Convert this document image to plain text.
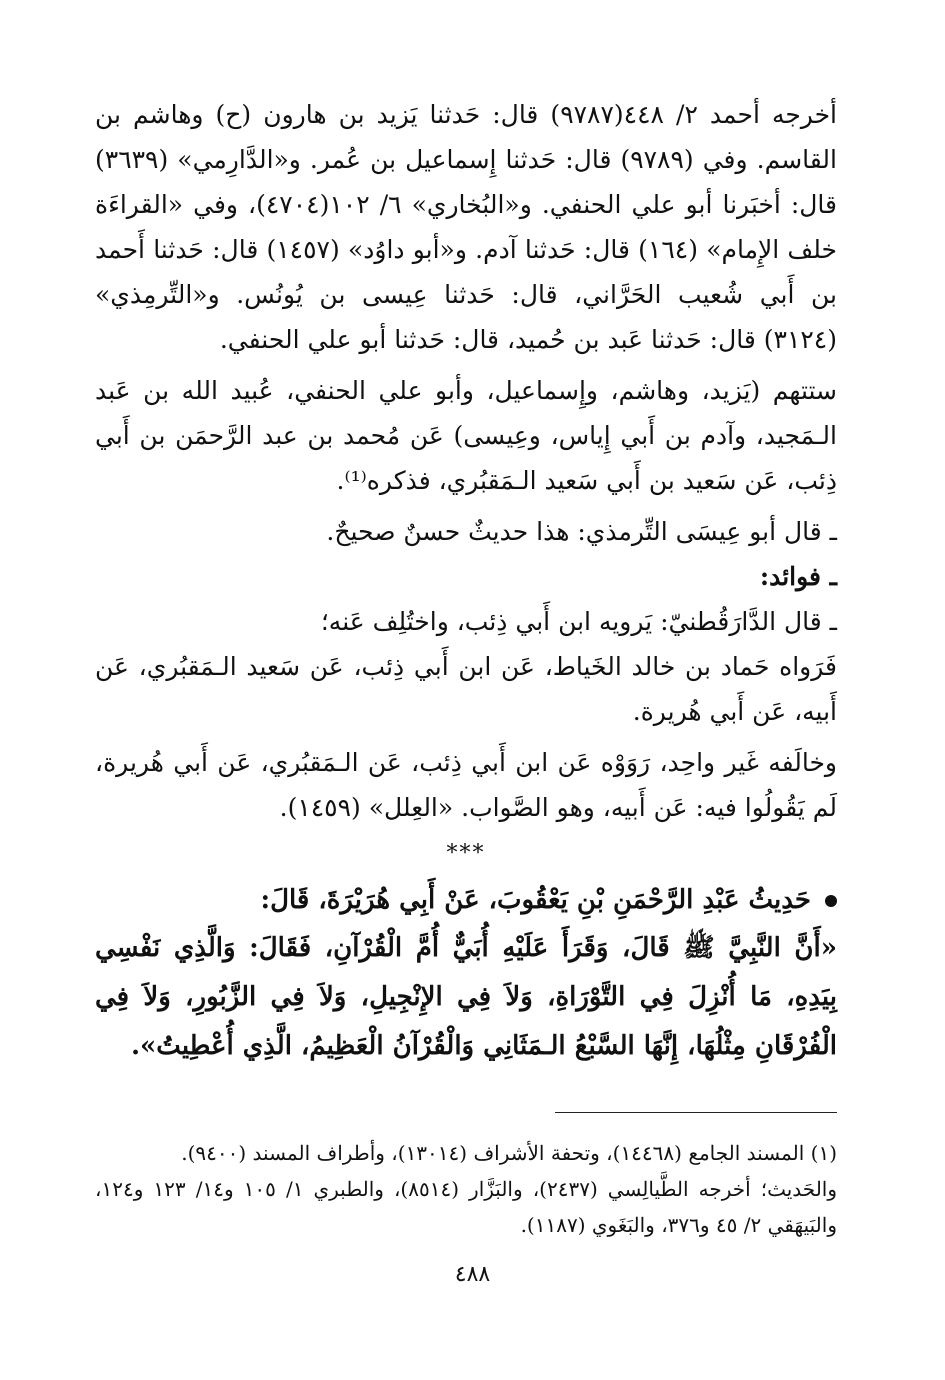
أخرجه أحمد ٢/ ٤٤٨(٩٧٨٧) قال: حَدثنا يَزيد بن هارون (ح) وهاشم بن القاسم. وفي (٩٧٨٩) قال: حَدثنا إِسماعيل بن عُمر. و«الدَّارِمي» (٣٦٣٩) قال: أخبَرنا أبو علي الحنفي. و«البُخاري» ٦/ ١٠٢(٤٧٠٤)، وفي «القراءَة خلف الإِمام» (١٦٤) قال: حَدثنا آدم. و«أبو داوُد» (١٤٥٧) قال: حَدثنا أَحمد بن أَبي شُعيب الحَرَّاني، قال: حَدثنا عِيسى بن يُونُس. و«التِّرمِذي» (٣١٢٤) قال: حَدثنا عَبد بن حُميد، قال: حَدثنا أبو علي الحنفي.

ستتهم (يَزيد، وهاشم، وإِسماعيل، وأبو علي الحنفي، عُبيد الله بن عَبد الـمَجيد، وآدم بن أَبي إِياس، وعِيسى) عَن مُحمد بن عبد الرَّحمَن بن أَبي ذِئب، عَن سَعيد بن أَبي سَعيد الـمَقبُري، فذكره⁽¹⁾.

ـ قال أبو عِيسَى التِّرمذي: هذا حديثٌ حسنٌ صحيحٌ.

ـ فوائد:

ـ قال الدَّارَقُطنيّ: يَرويه ابن أَبي ذِئب، واختُلِف عَنه؛

فَرَواه حَماد بن خالد الخَياط، عَن ابن أَبي ذِئب، عَن سَعيد الـمَقبُري، عَن أَبيه، عَن أَبي هُريرة.

وخالَفه غَير واحِد، رَوَوْه عَن ابن أَبي ذِئب، عَن الـمَقبُري، عَن أَبي هُريرة، لَم يَقُولُوا فيه: عَن أَبيه، وهو الصَّواب. «العِلل» (١٤٥٩).

***

حَدِيثُ عَبْدِ الرَّحْمَنِ بْنِ يَعْقُوبَ، عَنْ أَبِي هُرَيْرَةَ، قَالَ:

«أَنَّ النَّبِيَّ ﷺ قَالَ، وَقَرَأَ عَلَيْهِ أُبَيٌّ أُمَّ الْقُرْآنِ، فَقَالَ: وَالَّذِي نَفْسِي بِيَدِهِ، مَا أُنْزِلَ فِي التَّوْرَاةِ، وَلاَ فِي الإِنْجِيلِ، وَلاَ فِي الزَّبُورِ، وَلاَ فِي الْفُرْقَانِ مِثْلُهَا، إِنَّهَا السَّبْعُ الـمَثَانِي وَالْقُرْآنُ الْعَظِيمُ، الَّذِي أُعْطِيتُ».

(١) المسند الجامع (١٤٤٦٨)، وتحفة الأشراف (١٣٠١٤)، وأطراف المسند (٩٤٠٠).

والحَديث؛ أخرجه الطَّيالِسي (٢٤٣٧)، والبَزَّار (٨٥١٤)، والطبري ١/ ١٠٥ و١٤/ ١٢٣ و١٢٤، والبَيهَقي ٢/ ٤٥ و٣٧٦، والبَغَوي (١١٨٧).

٤٨٨
